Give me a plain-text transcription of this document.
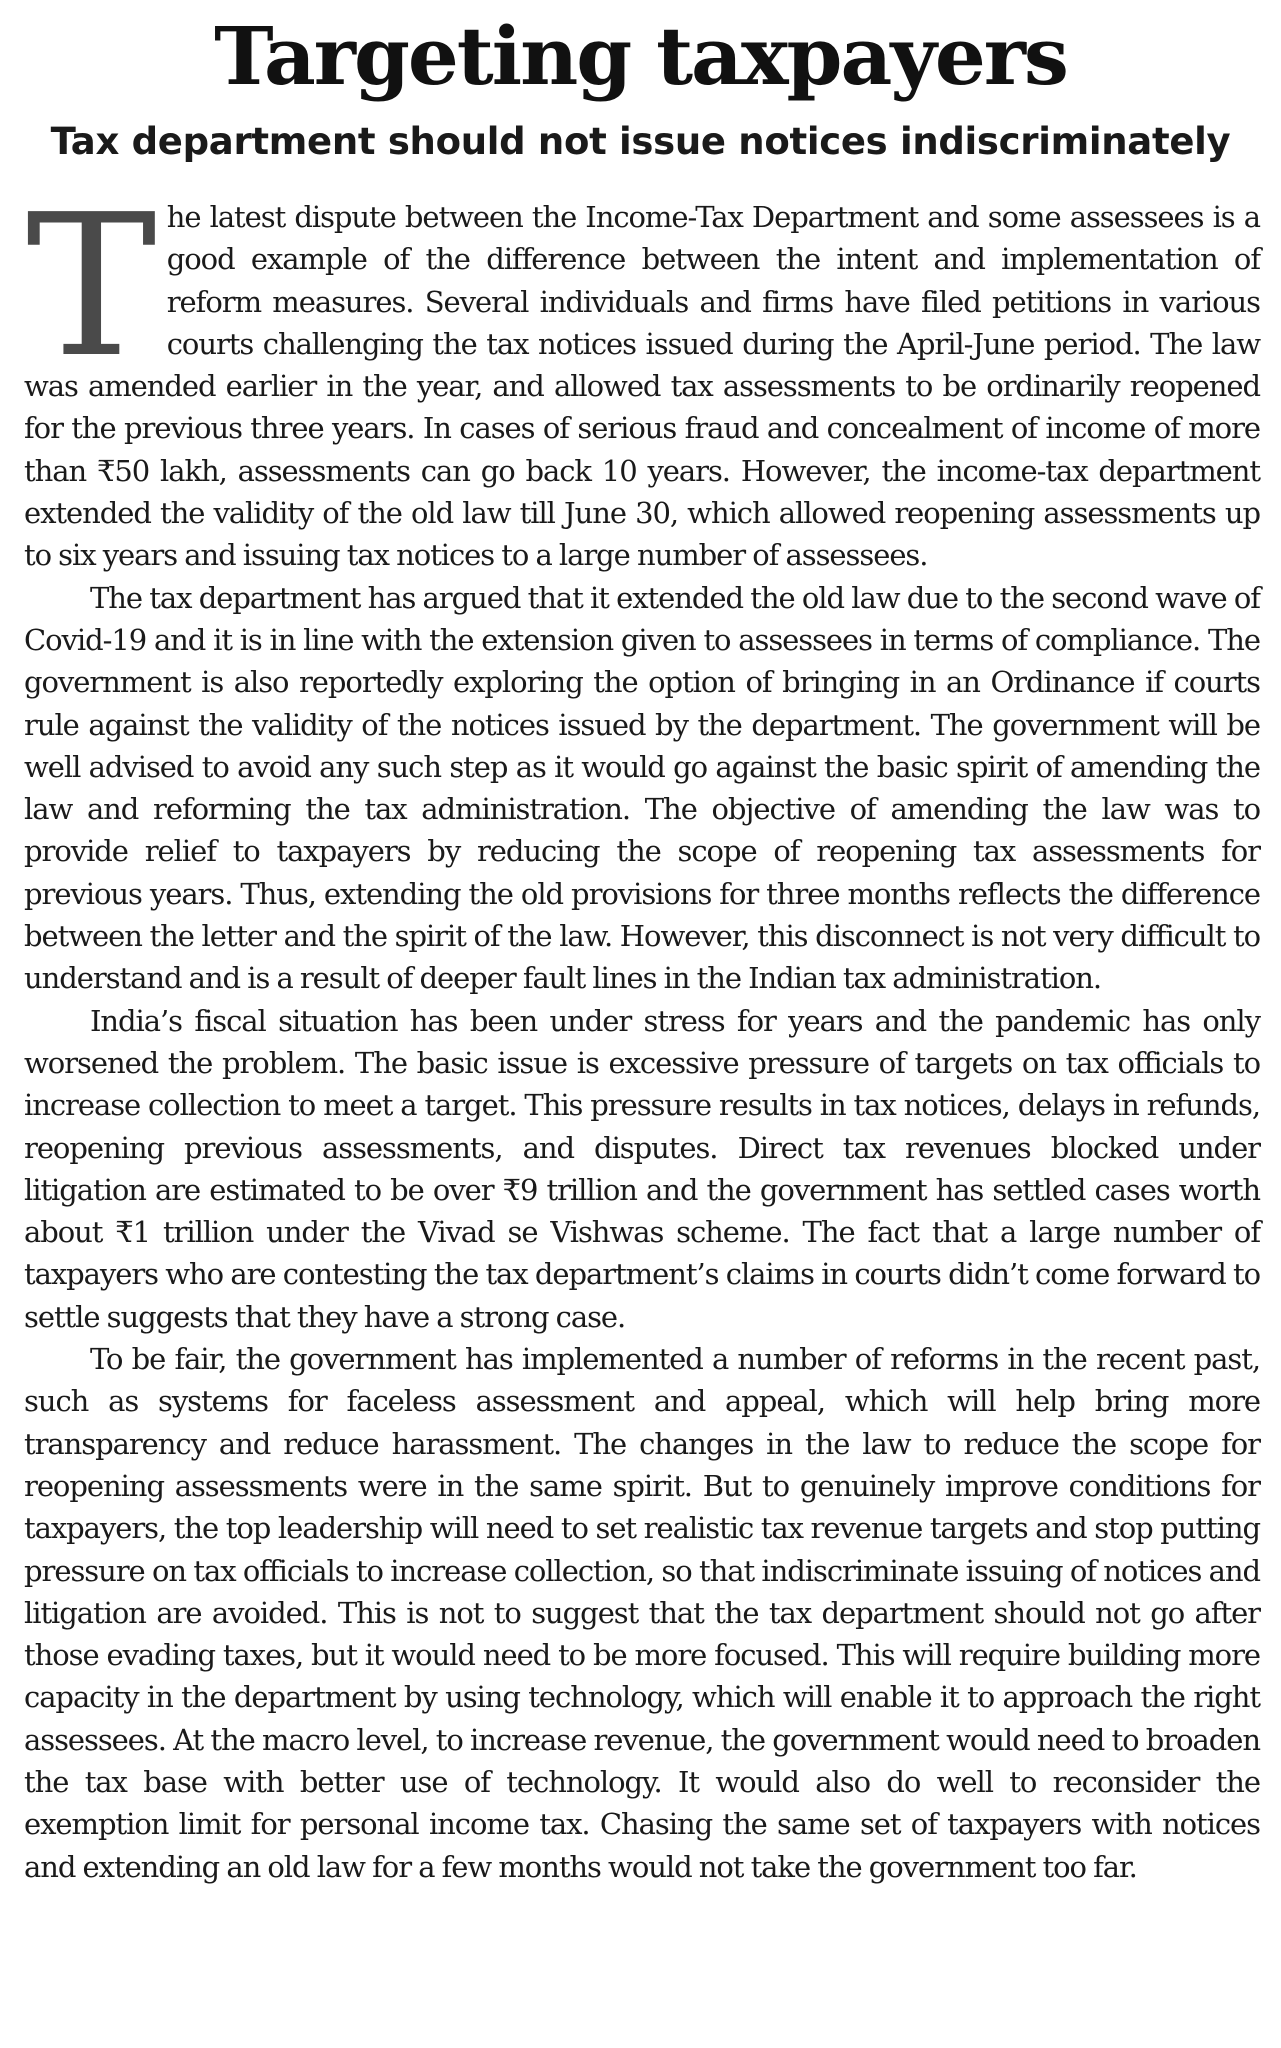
Targeting taxpayers
Tax department should not issue notices indiscriminately

The latest dispute between the Income-Tax Department and some assessees is a good example of the difference between the intent and implementation of reform measures. Several individuals and firms have filed petitions in various courts challenging the tax notices issued during the April-June period. The law was amended earlier in the year, and allowed tax assessments to be ordinarily reopened for the previous three years. In cases of serious fraud and concealment of income of more than ₹50 lakh, assessments can go back 10 years. However, the income-tax department extended the validity of the old law till June 30, which allowed reopening assessments up to six years and issuing tax notices to a large number of assessees.

The tax department has argued that it extended the old law due to the second wave of Covid-19 and it is in line with the extension given to assessees in terms of compliance. The government is also reportedly exploring the option of bringing in an Ordinance if courts rule against the validity of the notices issued by the department. The government will be well advised to avoid any such step as it would go against the basic spirit of amending the law and reforming the tax administration. The objective of amending the law was to provide relief to taxpayers by reducing the scope of reopening tax assessments for previous years. Thus, extending the old provisions for three months reflects the difference between the letter and the spirit of the law. However, this disconnect is not very difficult to understand and is a result of deeper fault lines in the Indian tax administration.

India’s fiscal situation has been under stress for years and the pandemic has only worsened the problem. The basic issue is excessive pressure of targets on tax officials to increase collection to meet a target. This pressure results in tax notices, delays in refunds, reopening previous assessments, and disputes. Direct tax revenues blocked under litigation are estimated to be over ₹9 trillion and the government has settled cases worth about ₹1 trillion under the Vivad se Vishwas scheme. The fact that a large number of taxpayers who are contesting the tax department’s claims in courts didn’t come forward to settle suggests that they have a strong case.

To be fair, the government has implemented a number of reforms in the recent past, such as systems for faceless assessment and appeal, which will help bring more transparency and reduce harassment. The changes in the law to reduce the scope for reopening assessments were in the same spirit. But to genuinely improve conditions for taxpayers, the top leadership will need to set realistic tax revenue targets and stop putting pressure on tax officials to increase collection, so that indiscriminate issuing of notices and litigation are avoided. This is not to suggest that the tax department should not go after those evading taxes, but it would need to be more focused. This will require building more capacity in the department by using technology, which will enable it to approach the right assessees. At the macro level, to increase revenue, the government would need to broaden the tax base with better use of technology. It would also do well to reconsider the exemption limit for personal income tax. Chasing the same set of taxpayers with notices and extending an old law for a few months would not take the government too far.
